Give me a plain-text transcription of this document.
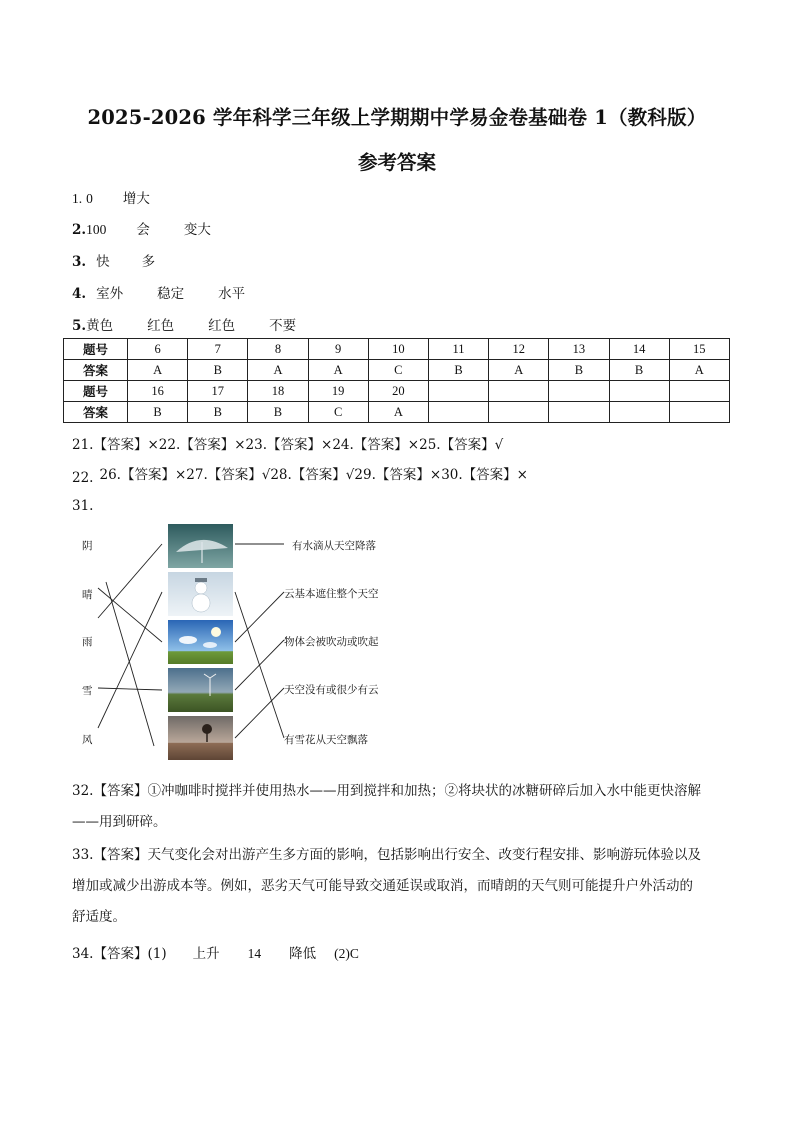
2025-2026 学年科学三年级上学期期中学易金卷基础卷 1（教科版）
参考答案
1. 0 增大
2.100 会	变大
3. 快 多
4. 室外	稳定	水平
5.黄色	红色	红色	不要
题号	6	7	8	9	10	11	12	13	14	15
答案	A	B	A	A	C	B	A	B	B	A
题号	16	17	18	19	20					
答案	B	B	B	C	A					
21.【答案】×22.【答案】×23.【答案】×24.【答案】×25.【答案】√
22. 26.【答案】×27.【答案】√28.【答案】√29.【答案】×30.【答案】×
31.
阴
晴
雨
雪
风
有水滴从天空降落
云基本遮住整个天空
物体会被吹动或吹起
天空没有或很少有云
有雪花从天空飘落
32.【答案】①冲咖啡时搅拌并使用热水——用到搅拌和加热；②将块状的冰糖研碎后加入水中能更快溶解
——用到研碎。
33.【答案】天气变化会对出游产生多方面的影响，包括影响出行安全、改变行程安排、影响游玩体验以及
增加或减少出游成本等。例如，恶劣天气可能导致交通延误或取消，而晴朗的天气则可能提升户外活动的
舒适度。
34.【答案】(1) 上升 14 降低 (2)C
